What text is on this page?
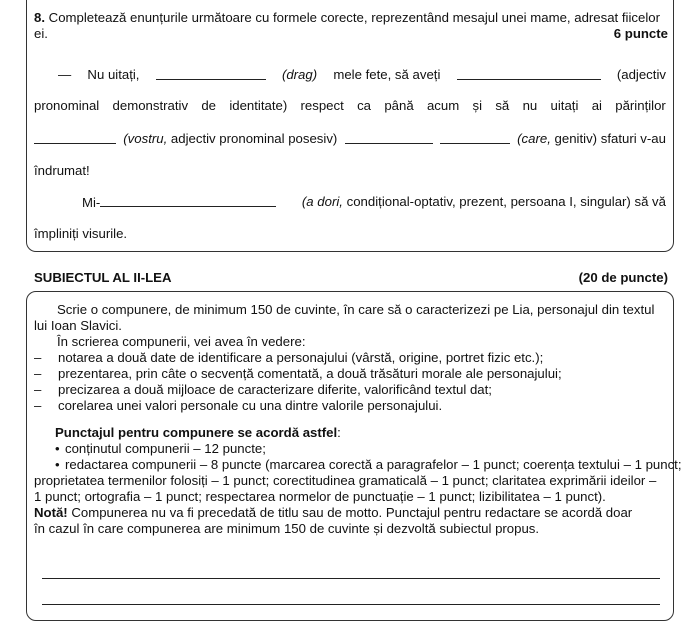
8. Completează enunțurile următoare cu formele corecte, reprezentând mesajul unei mame, adresat fiicelor
ei.	6 puncte
— Nu uitați,	(drag) mele fete, să aveți	(adjectiv
pronominal demonstrativ de identitate) respect ca până acum și să nu uitați ai părinților
(vostru, adjectiv pronominal posesiv)	(care, genitiv) sfaturi v-au
îndrumat!
Mi-	(a dori, condițional-optativ, prezent, persoana I, singular) să vă
împliniți visurile.
SUBIECTUL AL II-LEA	(20 de puncte)
Scrie o compunere, de minimum 150 de cuvinte, în care să o caracterizezi pe Lia, personajul din textul
lui Ioan Slavici.
În scrierea compunerii, vei avea în vedere:
– notarea a două date de identificare a personajului (vârstă, origine, portret fizic etc.);
– prezentarea, prin câte o secvență comentată, a două trăsături morale ale personajului;
– precizarea a două mijloace de caracterizare diferite, valorificând textul dat;
– corelarea unei valori personale cu una dintre valorile personajului.
Punctajul pentru compunere se acordă astfel:
• conținutul compunerii – 12 puncte;
• redactarea compunerii – 8 puncte (marcarea corectă a paragrafelor – 1 punct; coerența textului – 1 punct;
proprietatea termenilor folosiți – 1 punct; corectitudinea gramaticală – 1 punct; claritatea exprimării ideilor –
1 punct; ortografia – 1 punct; respectarea normelor de punctuație – 1 punct; lizibilitatea – 1 punct).
Notă! Compunerea nu va fi precedată de titlu sau de motto. Punctajul pentru redactare se acordă doar
în cazul în care compunerea are minimum 150 de cuvinte și dezvoltă subiectul propus.
